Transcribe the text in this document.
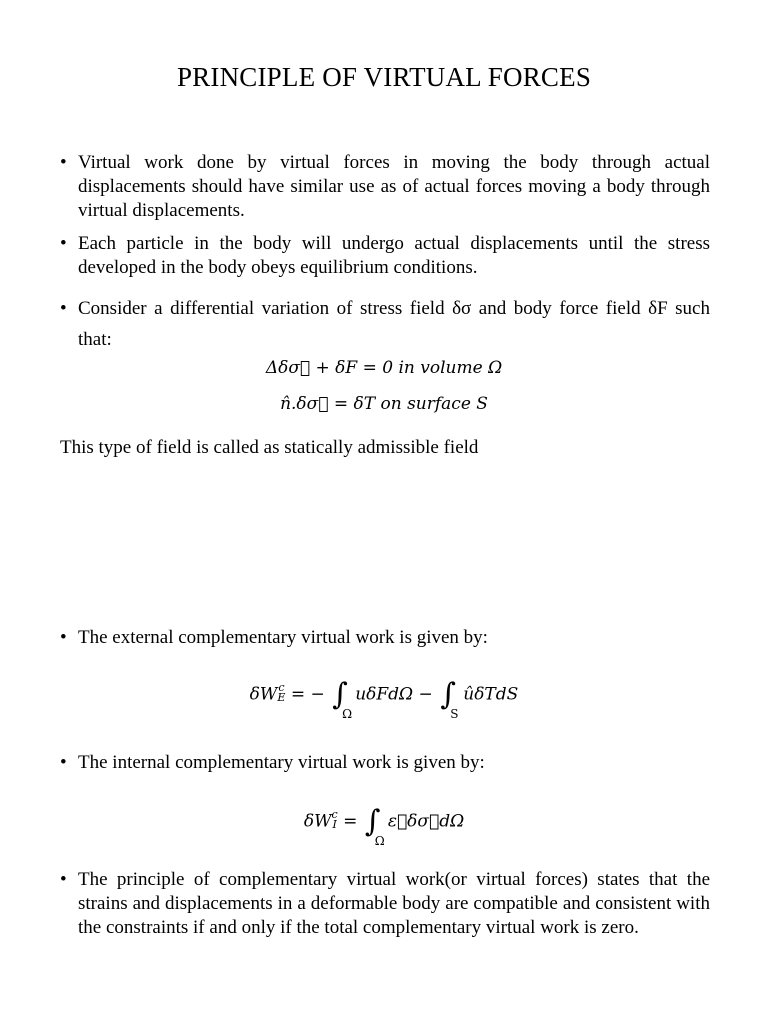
PRINCIPLE OF VIRTUAL FORCES
• Virtual work done by virtual forces in moving the body through actual displacements should have similar use as of actual forces moving a body through virtual displacements.
• Each particle in the body will undergo actual displacements until the stress developed in the body obeys equilibrium conditions.
• Consider a differential variation of stress field δσ and body force field δF such that:
Δδσ⃗ + δF = 0 in volume Ω
n̂.δσ⃗ = δT on surface S
This type of field is called as statically admissible field
• The external complementary virtual work is given by:
δW c
E = − ∫
Ω
uδFdΩ − ∫
S
ûδTdS
• The internal complementary virtual work is given by:
δW c
I = ∫
Ω
ε⃗δσ⃗dΩ
• The principle of complementary virtual work(or virtual forces) states that the strains and displacements in a deformable body are compatible and consistent with the constraints if and only if the total complementary virtual work is zero.
